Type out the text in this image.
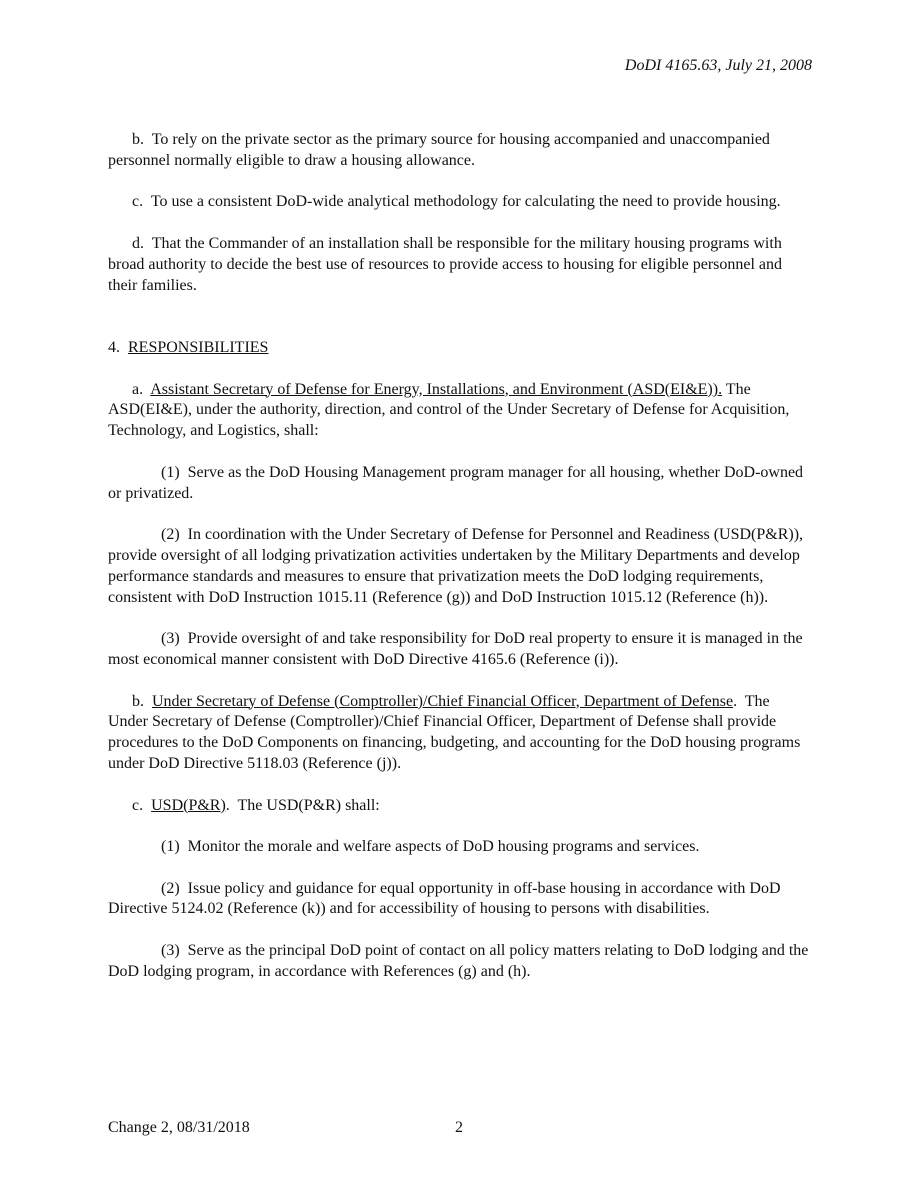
DoDI 4165.63, July 21, 2008

b. To rely on the private sector as the primary source for housing accompanied and unaccompanied personnel normally eligible to draw a housing allowance.

c. To use a consistent DoD-wide analytical methodology for calculating the need to provide housing.

d. That the Commander of an installation shall be responsible for the military housing programs with broad authority to decide the best use of resources to provide access to housing for eligible personnel and their families.

4. RESPONSIBILITIES

a. Assistant Secretary of Defense for Energy, Installations, and Environment (ASD(EI&E)). The ASD(EI&E), under the authority, direction, and control of the Under Secretary of Defense for Acquisition, Technology, and Logistics, shall:

(1) Serve as the DoD Housing Management program manager for all housing, whether DoD-owned or privatized.

(2) In coordination with the Under Secretary of Defense for Personnel and Readiness (USD(P&R)), provide oversight of all lodging privatization activities undertaken by the Military Departments and develop performance standards and measures to ensure that privatization meets the DoD lodging requirements, consistent with DoD Instruction 1015.11 (Reference (g)) and DoD Instruction 1015.12 (Reference (h)).

(3) Provide oversight of and take responsibility for DoD real property to ensure it is managed in the most economical manner consistent with DoD Directive 4165.6 (Reference (i)).

b. Under Secretary of Defense (Comptroller)/Chief Financial Officer, Department of Defense.  The Under Secretary of Defense (Comptroller)/Chief Financial Officer, Department of Defense shall provide procedures to the DoD Components on financing, budgeting, and accounting for the DoD housing programs under DoD Directive 5118.03 (Reference (j)).

c. USD(P&R).  The USD(P&R) shall:

(1) Monitor the morale and welfare aspects of DoD housing programs and services.

(2) Issue policy and guidance for equal opportunity in off-base housing in accordance with DoD Directive 5124.02 (Reference (k)) and for accessibility of housing to persons with disabilities.

(3) Serve as the principal DoD point of contact on all policy matters relating to DoD lodging and the DoD lodging program, in accordance with References (g) and (h).

Change 2, 08/31/2018	2
